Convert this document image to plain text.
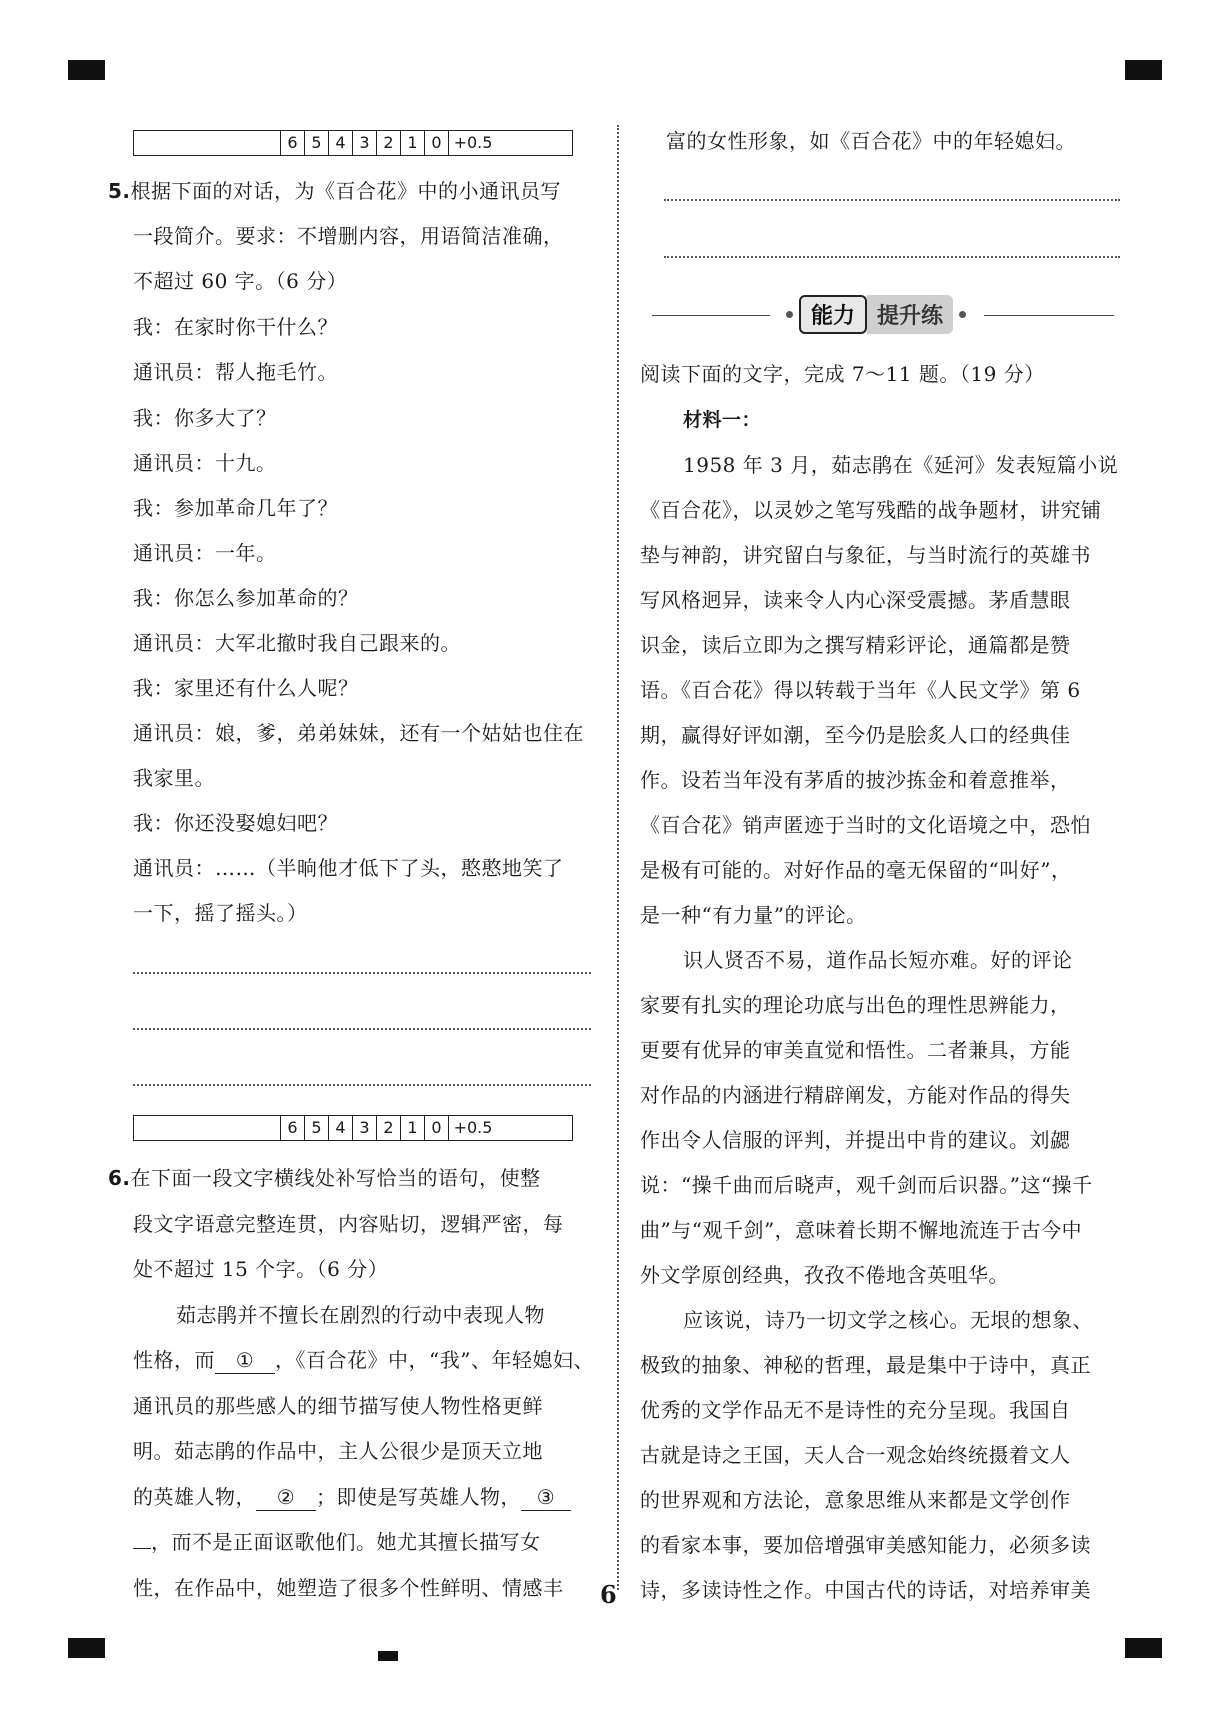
6 5 4 3 2 1 0 +0.5
5.根据下面的对话，为《百合花》中的小通讯员写
一段简介。要求：不增删内容，用语简洁准确，
不超过 60 字。（6 分）
我：在家时你干什么？
通讯员：帮人拖毛竹。
我：你多大了？
通讯员：十九。
我：参加革命几年了？
通讯员：一年。
我：你怎么参加革命的？
通讯员：大军北撤时我自己跟来的。
我：家里还有什么人呢？
通讯员：娘，爹，弟弟妹妹，还有一个姑姑也住在
我家里。
我：你还没娶媳妇吧？
通讯员：……（半晌他才低下了头，憨憨地笑了
一下，摇了摇头。）
6 5 4 3 2 1 0 +0.5
6.在下面一段文字横线处补写恰当的语句，使整
段文字语意完整连贯，内容贴切，逻辑严密，每
处不超过 15 个字。（6 分）
茹志鹃并不擅长在剧烈的行动中表现人物
性格，而 ① ，《百合花》中，“我”、年轻媳妇、
通讯员的那些感人的细节描写使人物性格更鲜
明。茹志鹃的作品中，主人公很少是顶天立地
的英雄人物， ② ；即使是写英雄人物， ③
，而不是正面讴歌他们。她尤其擅长描写女
性，在作品中，她塑造了很多个性鲜明、情感丰
富的女性形象，如《百合花》中的年轻媳妇。
能力	提升练
阅读下面的文字，完成 7～11 题。（19 分）
材料一：
1958 年 3 月，茹志鹃在《延河》发表短篇小说
《百合花》，以灵妙之笔写残酷的战争题材，讲究铺
垫与神韵，讲究留白与象征，与当时流行的英雄书
写风格迥异，读来令人内心深受震撼。茅盾慧眼
识金，读后立即为之撰写精彩评论，通篇都是赞
语。《百合花》得以转载于当年《人民文学》第 6
期，赢得好评如潮，至今仍是脍炙人口的经典佳
作。设若当年没有茅盾的披沙拣金和着意推举，
《百合花》销声匿迹于当时的文化语境之中，恐怕
是极有可能的。对好作品的毫无保留的“叫好”，
是一种“有力量”的评论。
识人贤否不易，道作品长短亦难。好的评论
家要有扎实的理论功底与出色的理性思辨能力，
更要有优异的审美直觉和悟性。二者兼具，方能
对作品的内涵进行精辟阐发，方能对作品的得失
作出令人信服的评判，并提出中肯的建议。刘勰
说：“操千曲而后晓声，观千剑而后识器。”这“操千
曲”与“观千剑”，意味着长期不懈地流连于古今中
外文学原创经典，孜孜不倦地含英咀华。
应该说，诗乃一切文学之核心。无垠的想象、
极致的抽象、神秘的哲理，最是集中于诗中，真正
优秀的文学作品无不是诗性的充分呈现。我国自
古就是诗之王国，天人合一观念始终统摄着文人
的世界观和方法论，意象思维从来都是文学创作
的看家本事，要加倍增强审美感知能力，必须多读
诗，多读诗性之作。中国古代的诗话，对培养审美
6
